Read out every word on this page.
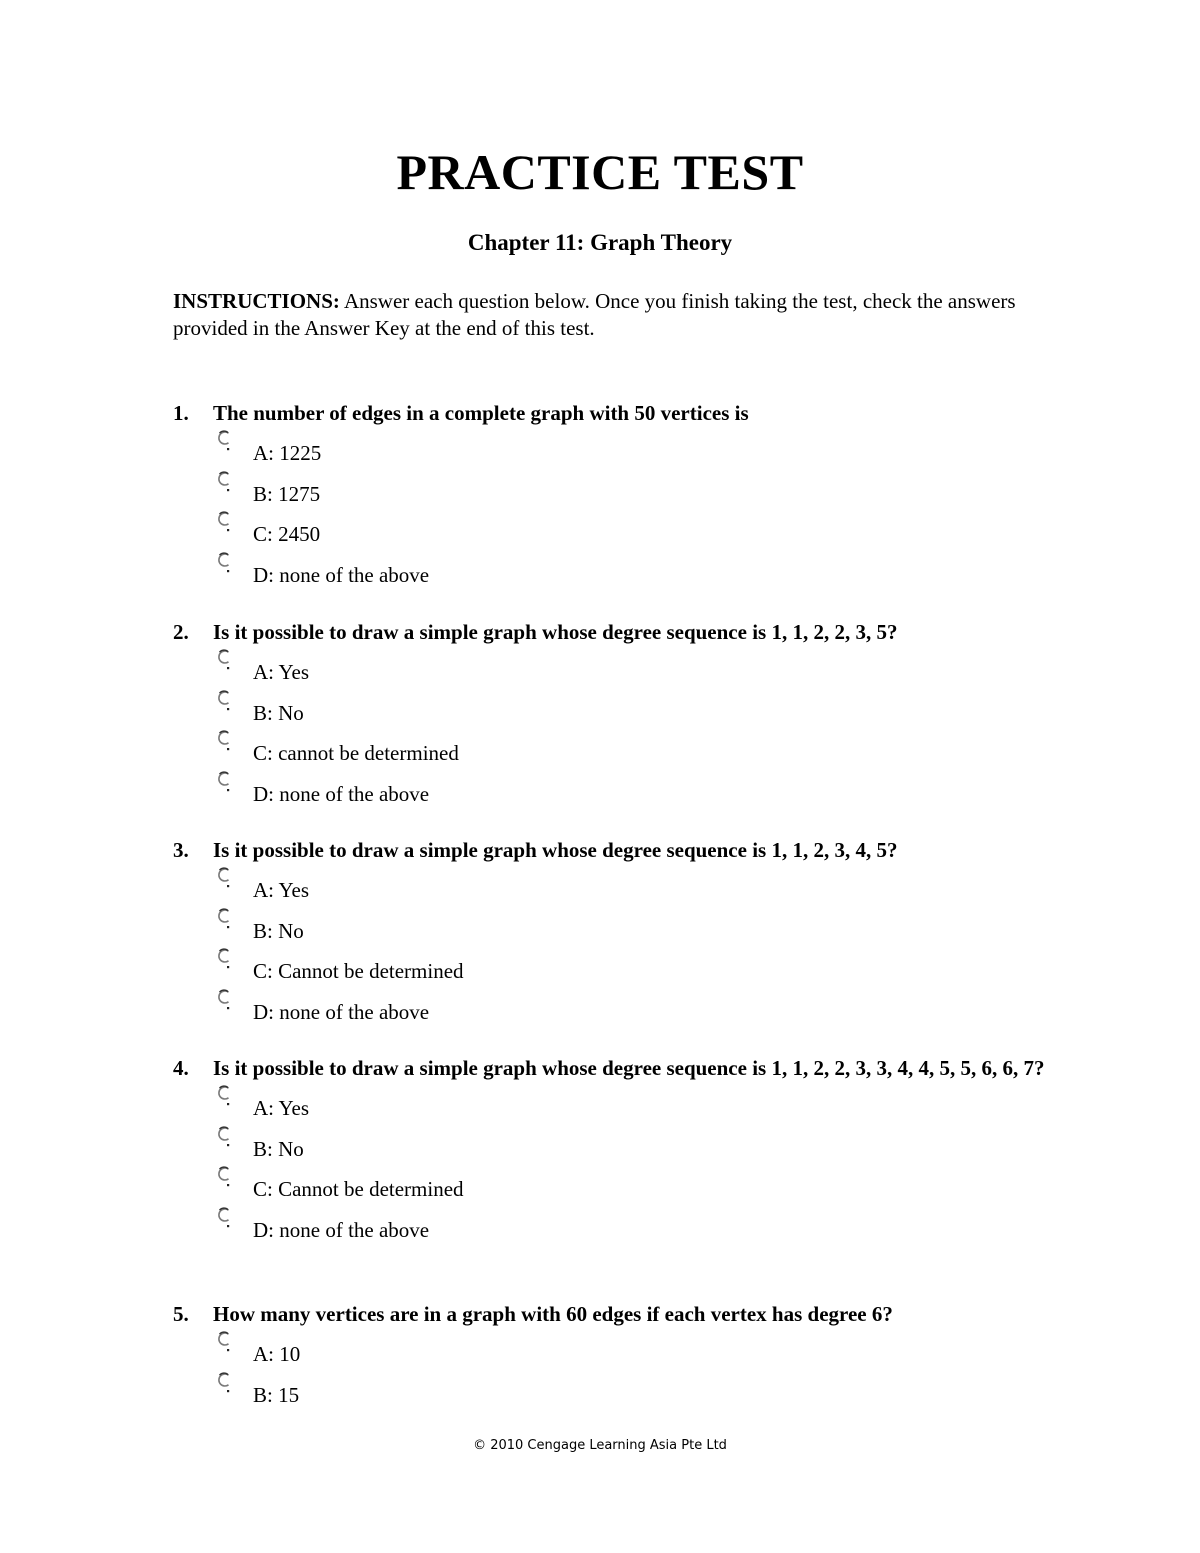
PRACTICE TEST
Chapter 11: Graph Theory
INSTRUCTIONS: Answer each question below. Once you finish taking the test, check the answers provided in the Answer Key at the end of this test.
1.	The number of edges in a complete graph with 50 vertices is
A: 1225
B: 1275
C: 2450
D: none of the above
2.	Is it possible to draw a simple graph whose degree sequence is 1, 1, 2, 2, 3, 5?
A: Yes
B: No
C: cannot be determined
D: none of the above
3.	Is it possible to draw a simple graph whose degree sequence is 1, 1, 2, 3, 4, 5?
A: Yes
B: No
C: Cannot be determined
D: none of the above
4.	Is it possible to draw a simple graph whose degree sequence is 1, 1, 2, 2, 3, 3, 4, 4, 5, 5, 6, 6, 7?
A: Yes
B: No
C: Cannot be determined
D: none of the above
5.	How many vertices are in a graph with 60 edges if each vertex has degree 6?
A: 10
B: 15
© 2010 Cengage Learning Asia Pte Ltd
